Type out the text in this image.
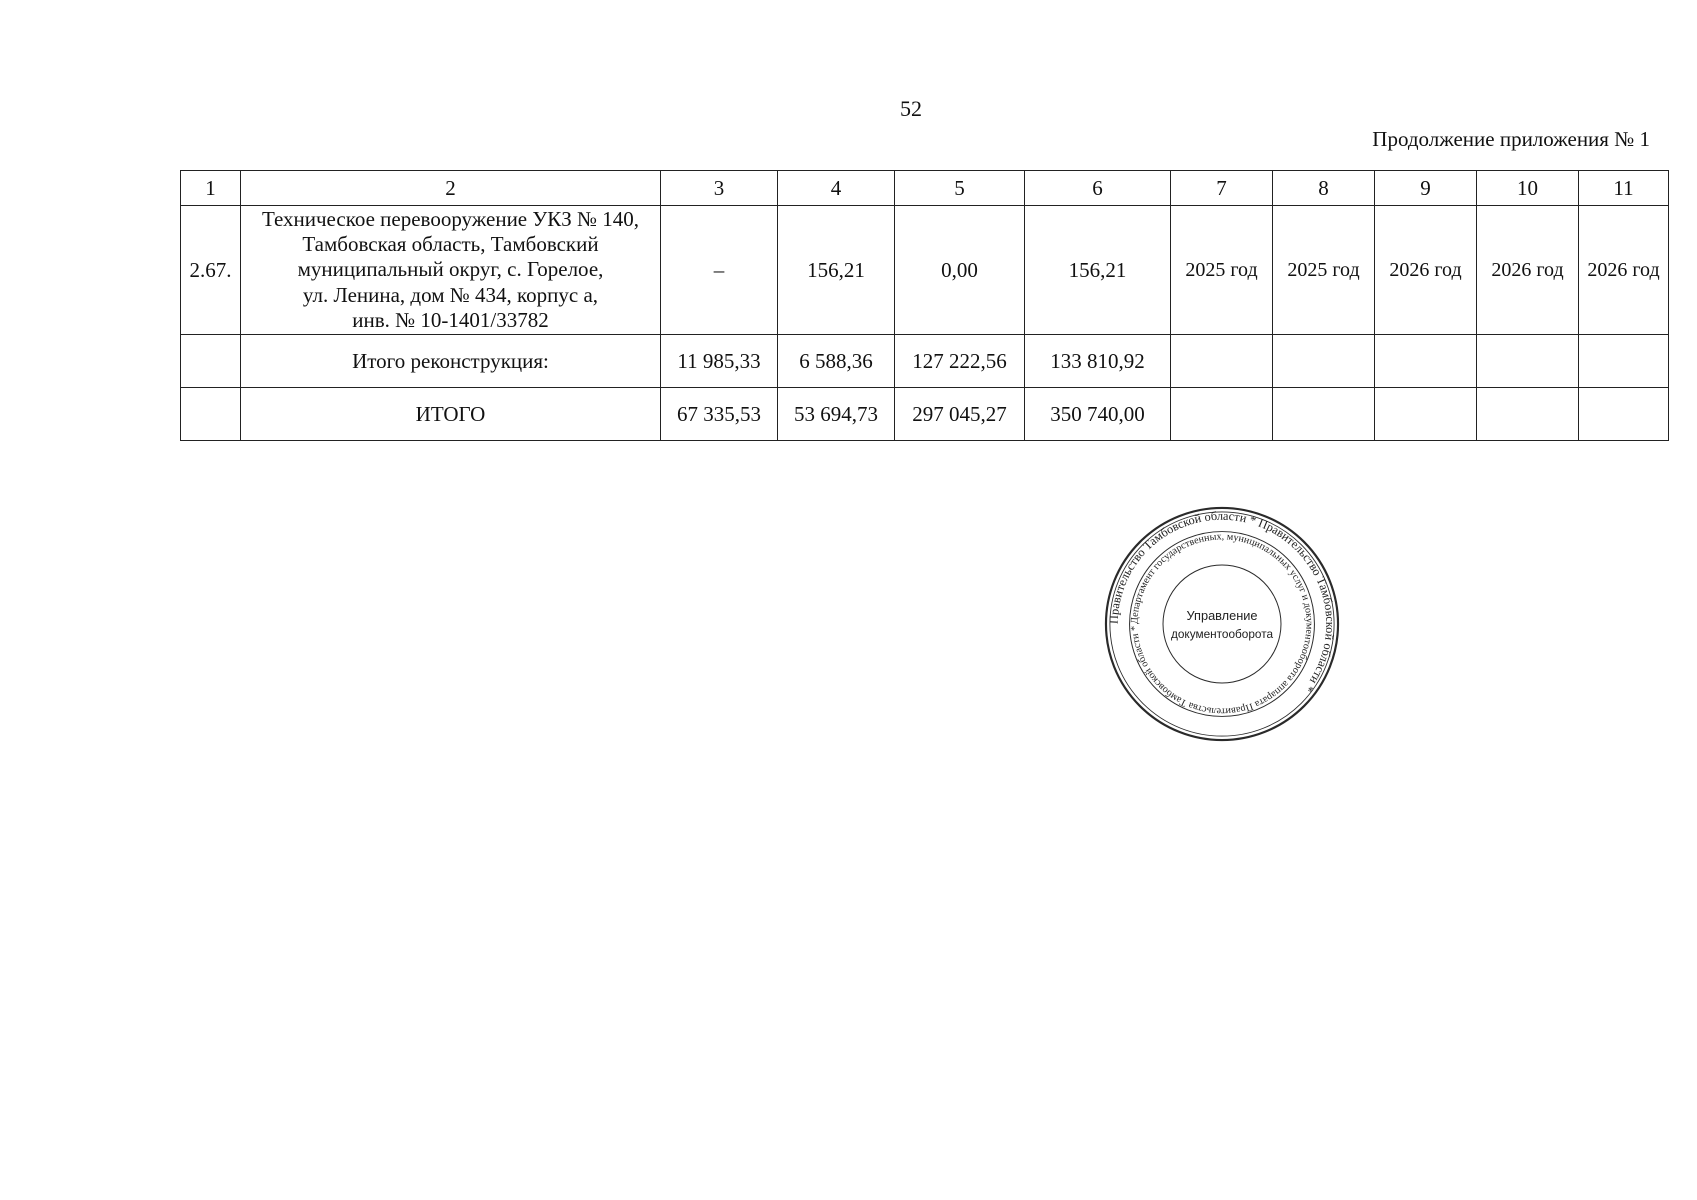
52
Продолжение приложения № 1
1	2	3	4	5	6	7	8	9	10	11
2.67.	Техническое перевооружение УКЗ № 140,
Тамбовская область, Тамбовский
муниципальный округ, с. Горелое,
ул. Ленина, дом № 434, корпус а,
инв. № 10-1401/33782	–	156,21	0,00	156,21	2025 год	2025 год	2026 год	2026 год	2026 год
	Итого реконструкция:	11 985,33	6 588,36	127 222,56	133 810,92					
	ИТОГО	67 335,53	53 694,73	297 045,27	350 740,00					
Правительство Тамбовской области * Правительство Тамбовской области *
Департамент государственных, муниципальных услуг и документооборота аппарата Правительства Тамбовской области *
Управление
документооборота
